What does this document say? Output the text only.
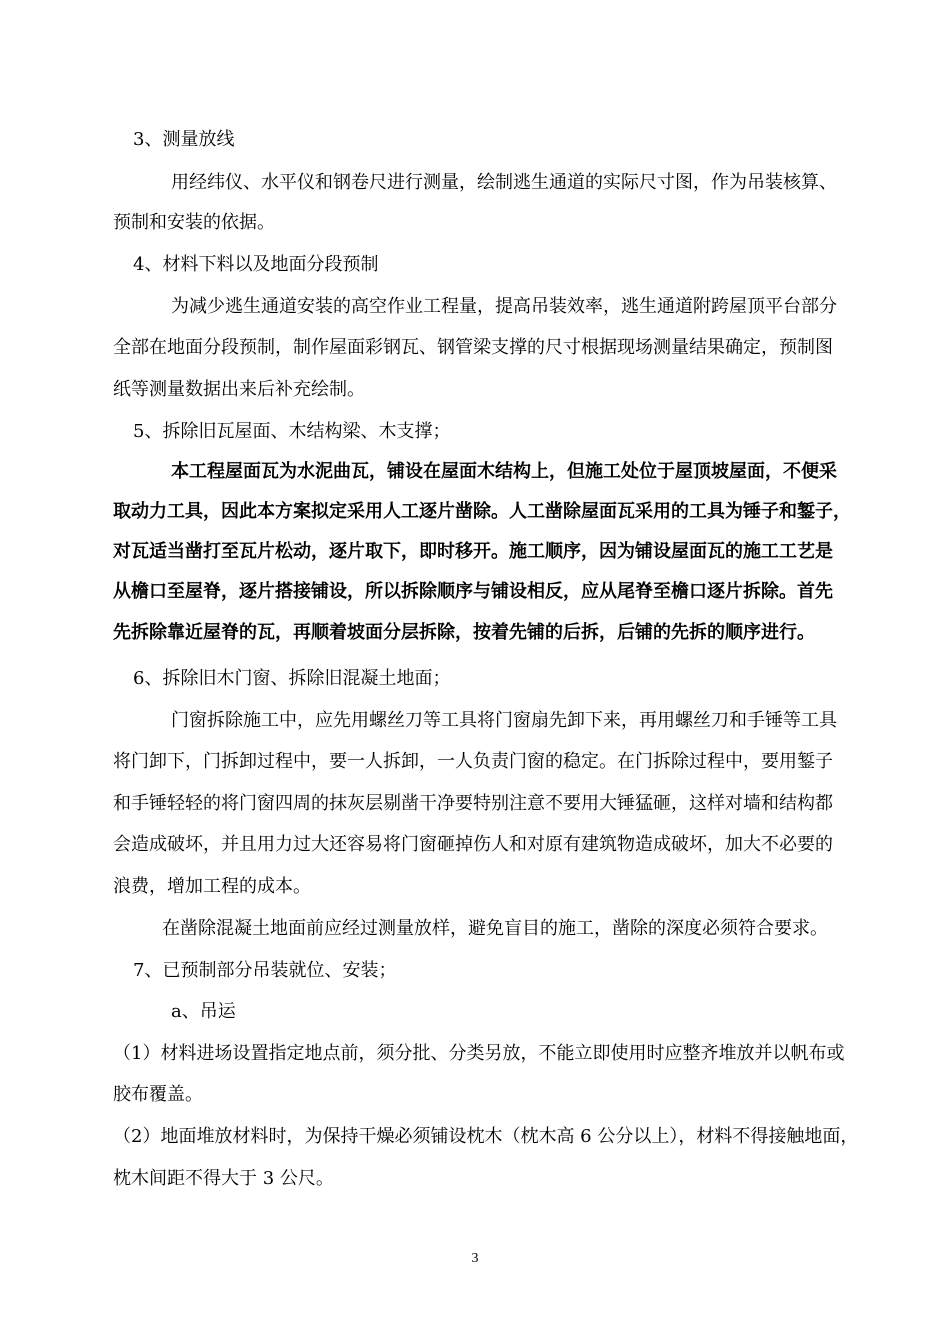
3、测量放线
用经纬仪、水平仪和钢卷尺进行测量，绘制逃生通道的实际尺寸图，作为吊装核算、
预制和安装的依据。
4、材料下料以及地面分段预制
为减少逃生通道安装的高空作业工程量，提高吊装效率，逃生通道附跨屋顶平台部分
全部在地面分段预制，制作屋面彩钢瓦、钢管梁支撑的尺寸根据现场测量结果确定，预制图
纸等测量数据出来后补充绘制。
5、拆除旧瓦屋面、木结构梁、木支撑；
本工程屋面瓦为水泥曲瓦，铺设在屋面木结构上，但施工处位于屋顶坡屋面，不便采
取动力工具，因此本方案拟定采用人工逐片凿除。人工凿除屋面瓦采用的工具为锤子和錾子，
对瓦适当凿打至瓦片松动，逐片取下，即时移开。施工顺序，因为铺设屋面瓦的施工工艺是
从檐口至屋脊，逐片搭接铺设，所以拆除顺序与铺设相反，应从尾脊至檐口逐片拆除。首先
先拆除靠近屋脊的瓦，再顺着坡面分层拆除，按着先铺的后拆，后铺的先拆的顺序进行。
6、拆除旧木门窗、拆除旧混凝土地面；
门窗拆除施工中，应先用螺丝刀等工具将门窗扇先卸下来，再用螺丝刀和手锤等工具
将门卸下，门拆卸过程中，要一人拆卸，一人负责门窗的稳定。在门拆除过程中，要用錾子
和手锤轻轻的将门窗四周的抹灰层剔凿干净要特别注意不要用大锤猛砸，这样对墙和结构都
会造成破坏，并且用力过大还容易将门窗砸掉伤人和对原有建筑物造成破坏，加大不必要的
浪费，增加工程的成本。
在凿除混凝土地面前应经过测量放样，避免盲目的施工，凿除的深度必须符合要求。
7、已预制部分吊装就位、安装；
a、吊运
（1）材料进场设置指定地点前，须分批、分类另放，不能立即使用时应整齐堆放并以帆布或
胶布覆盖。
（2）地面堆放材料时，为保持干燥必须铺设枕木（枕木高 6 公分以上），材料不得接触地面，
枕木间距不得大于 3 公尺。
3
